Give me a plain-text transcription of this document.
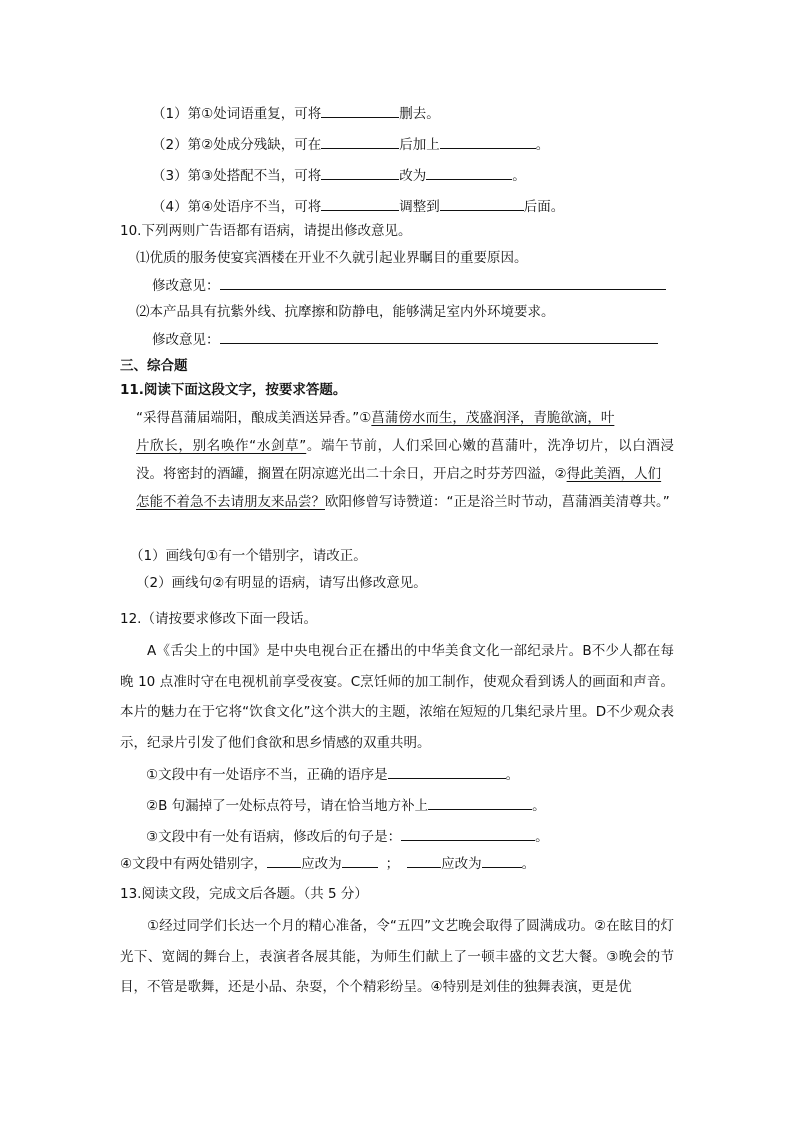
（1）第①处词语重复，可将	删去。
（2）第②处成分残缺，可在	后加上	。
（3）第③处搭配不当，可将	改为	。
（4）第④处语序不当，可将	调整到	后面。
10.下列两则广告语都有语病，请提出修改意见。
⑴优质的服务使宴宾酒楼在开业不久就引起业界瞩目的重要原因。
修改意见：
⑵本产品具有抗紫外线、抗摩擦和防静电，能够满足室内外环境要求。
修改意见：
三、综合题
11.阅读下面这段文字，按要求答题。
“采得菖蒲届端阳，酿成美酒送异香。”①菖蒲傍水而生，茂盛润泽，青脆欲滴，叶
片欣长，别名唤作“水剑草”。端午节前，人们采回心嫩的菖蒲叶，洗净切片，以白酒浸没。将密封的酒罐，搁置在阴凉遮光出二十余日，开启之时芬芳四溢，②得此美酒，人们
怎能不着急不去请朋友来品尝？欧阳修曾写诗赞道：“正是浴兰时节动，菖蒲酒美清尊共。”
（1）画线句①有一个错别字，请改正。
（2）画线句②有明显的语病，请写出修改意见。
12.（请按要求修改下面一段话。
A《舌尖上的中国》是中央电视台正在播出的中华美食文化一部纪录片。B不少人都在每晚 10 点准时守在电视机前享受夜宴。C烹饪师的加工制作，使观众看到诱人的画面和声音。本片的魅力在于它将“饮食文化”这个洪大的主题，浓缩在短短的几集纪录片里。D不少观众表示，纪录片引发了他们食欲和思乡情感的双重共明。
①文段中有一处语序不当，正确的语序是	。
②B 句漏掉了一处标点符号，请在恰当地方补上	。
③文段中有一处有语病，修改后的句子是：	。
④文段中有两处错别字，	应改为	；	应改为	。
13.阅读文段，完成文后各题。（共 5 分）
①经过同学们长达一个月的精心准备，令“五四”文艺晚会取得了圆满成功。②在眩目的灯光下、宽阔的舞台上，表演者各展其能，为师生们献上了一顿丰盛的文艺大餐。③晚会的节目，不管是歌舞，还是小品、杂耍，个个精彩纷呈。④特别是刘佳的独舞表演，更是优
